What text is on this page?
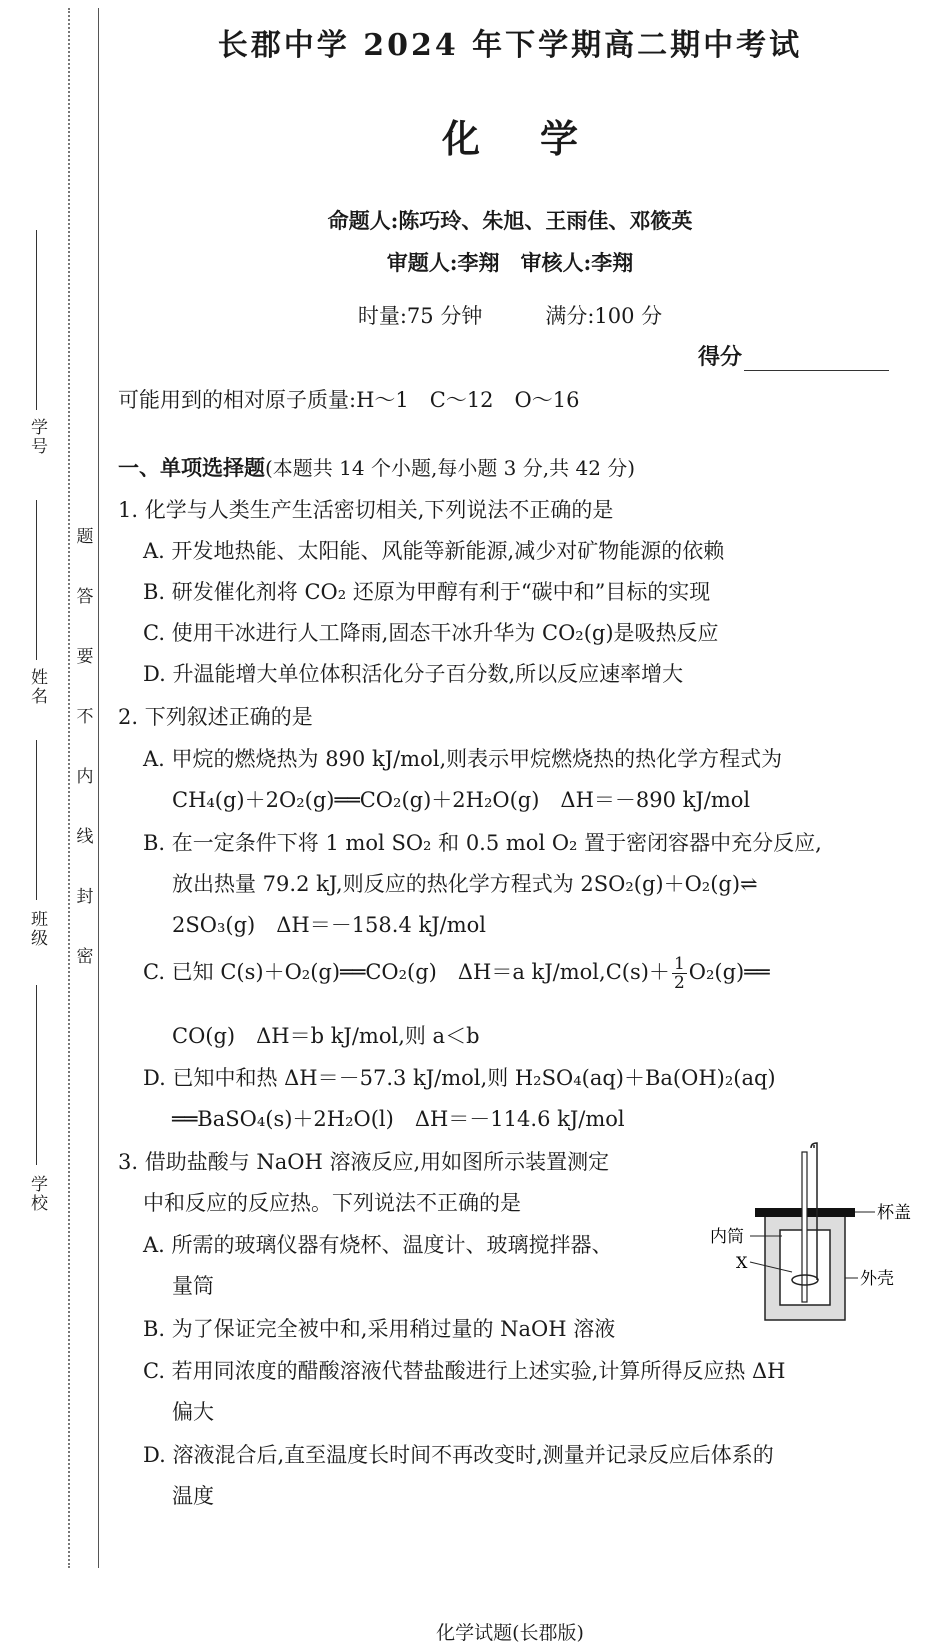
学号
姓名
班级
学校
题
答
要
不
内
线
封
密
长郡中学 2024 年下学期高二期中考试
化学
命题人:陈巧玲、朱旭、王雨佳、邓筱英
审题人:李翔　审核人:李翔
时量:75 分钟　　　满分:100 分
得分
可能用到的相对原子质量:H～1　C～12　O～16
一、单项选择题(本题共 14 个小题,每小题 3 分,共 42 分)
1. 化学与人类生产生活密切相关,下列说法不正确的是
A. 开发地热能、太阳能、风能等新能源,减少对矿物能源的依赖
B. 研发催化剂将 CO₂ 还原为甲醇有利于“碳中和”目标的实现
C. 使用干冰进行人工降雨,固态干冰升华为 CO₂(g)是吸热反应
D. 升温能增大单位体积活化分子百分数,所以反应速率增大
2. 下列叙述正确的是
A. 甲烷的燃烧热为 890 kJ/mol,则表示甲烷燃烧热的热化学方程式为
CH₄(g)＋2O₂(g)══CO₂(g)＋2H₂O(g)　ΔH＝－890 kJ/mol
B. 在一定条件下将 1 mol SO₂ 和 0.5 mol O₂ 置于密闭容器中充分反应,
放出热量 79.2 kJ,则反应的热化学方程式为 2SO₂(g)＋O₂(g)⇌
2SO₃(g)　ΔH＝－158.4 kJ/mol
C. 已知 C(s)＋O₂(g)══CO₂(g)　ΔH＝a $kJ/mol,C(s)+ \frac{1}{2}$ O₂(g)══
CO(g)　ΔH＝b kJ/mol,则 a＜b
D. 已知中和热 ΔH＝－57.3 kJ/mol,则 H₂SO₄(aq)＋Ba(OH)₂(aq)
══BaSO₄(s)＋2H₂O(l)　ΔH＝－114.6 kJ/mol
3. 借助盐酸与 NaOH 溶液反应,用如图所示装置测定
中和反应的反应热。下列说法不正确的是
A. 所需的玻璃仪器有烧杯、温度计、玻璃搅拌器、
量筒
B. 为了保证完全被中和,采用稍过量的 NaOH 溶液
C. 若用同浓度的醋酸溶液代替盐酸进行上述实验,计算所得反应热 ΔH
偏大
D. 溶液混合后,直至温度长时间不再改变时,测量并记录反应后体系的
温度
杯盖
内筒
X
外壳
化学试题(长郡版)
